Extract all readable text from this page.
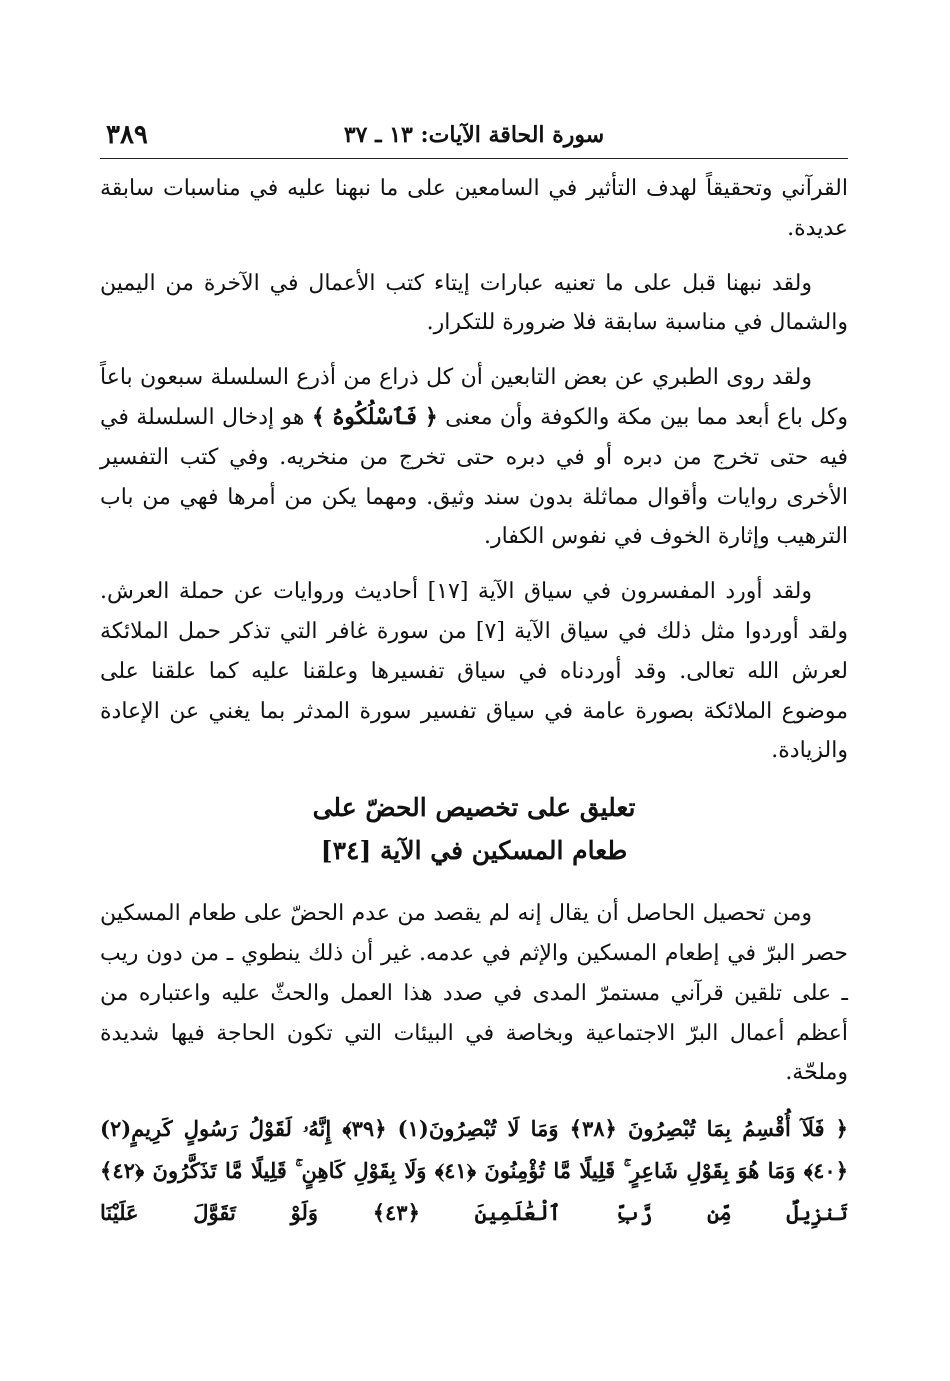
سورة الحاقة الآيات: ١٣ ـ ٣٧
٣٨٩

القرآني وتحقيقاً لهدف التأثير في السامعين على ما نبهنا عليه في مناسبات سابقة عديدة.

ولقد نبهنا قبل على ما تعنيه عبارات إيتاء كتب الأعمال في الآخرة من اليمين والشمال في مناسبة سابقة فلا ضرورة للتكرار.

ولقد روى الطبري عن بعض التابعين أن كل ذراع من أذرع السلسلة سبعون باعاً وكل باع أبعد مما بين مكة والكوفة وأن معنى ﴿ فَٱسْلُكُوهُ ﴾ هو إدخال السلسلة في فيه حتى تخرج من دبره أو في دبره حتى تخرج من منخريه. وفي كتب التفسير الأخرى روايات وأقوال مماثلة بدون سند وثيق. ومهما يكن من أمرها فهي من باب الترهيب وإثارة الخوف في نفوس الكفار.

ولقد أورد المفسرون في سياق الآية [١٧] أحاديث وروايات عن حملة العرش. ولقد أوردوا مثل ذلك في سياق الآية [٧] من سورة غافر التي تذكر حمل الملائكة لعرش الله تعالى. وقد أوردناه في سياق تفسيرها وعلقنا عليه كما علقنا على موضوع الملائكة بصورة عامة في سياق تفسير سورة المدثر بما يغني عن الإعادة والزيادة.

تعليق على تخصيص الحضّ على
طعام المسكين في الآية [٣٤]

ومن تحصيل الحاصل أن يقال إنه لم يقصد من عدم الحضّ على طعام المسكين حصر البرّ في إطعام المسكين والإثم في عدمه. غير أن ذلك ينطوي ـ من دون ريب ـ على تلقين قرآني مستمرّ المدى في صدد هذا العمل والحثّ عليه واعتباره من أعظم أعمال البرّ الاجتماعية وبخاصة في البيئات التي تكون الحاجة فيها شديدة وملحّة.

﴿ فَلَآ أُقْسِمُ بِمَا تُبْصِرُونَ ﴿٣٨﴾ وَمَا لَا تُبْصِرُونَ(١) ﴿٣٩﴾ إِنَّهُۥ لَقَوْلُ رَسُولٍ كَرِيمٍ(٢) ﴿٤٠﴾ وَمَا هُوَ بِقَوْلِ شَاعِرٍ ۚ قَلِيلًا مَّا تُؤْمِنُونَ ﴿٤١﴾ وَلَا بِقَوْلِ كَاهِنٍ ۚ قَلِيلًا مَّا تَذَكَّرُونَ ﴿٤٢﴾ تَنزِيلٌ مِّن رَّبِّ ٱلْعَٰلَمِينَ ﴿٤٣﴾ وَلَوْ تَقَوَّلَ عَلَيْنَا
